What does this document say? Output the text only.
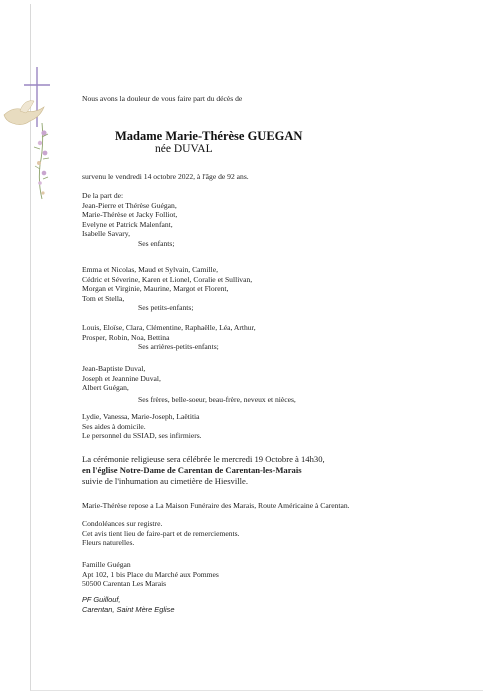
Nous avons la douleur de vous faire part du décès de
Madame Marie-Thérèse GUEGAN
née DUVAL
survenu le vendredi 14 octobre 2022, à l'âge de 92 ans.
De la part de:
Jean-Pierre et Thérèse Guégan,
Marie-Thérèse et Jacky Folliot,
Evelyne et Patrick Malenfant,
Isabelle Savary,
Ses enfants;
Emma et Nicolas, Maud et Sylvain, Camille,
Cédric et Séverine, Karen et Lionel, Coralie et Sullivan,
Morgan et Virginie, Maurine, Margot et Florent,
Tom et Stella,
Ses petits-enfants;
Louis, Eloïse, Clara, Clémentine, Raphaëlle, Léa, Arthur,
Prosper, Robin, Noa, Bettina
Ses arrières-petits-enfants;
Jean-Baptiste Duval,
Joseph et Jeannine Duval,
Albert Guégan,
Ses frères, belle-soeur, beau-frère, neveux et nièces,
Lydie, Vanessa, Marie-Joseph, Laëtitia
Ses aides à domicile.
Le personnel du SSIAD, ses infirmiers.
La cérémonie religieuse sera célébrée le mercredi 19 Octobre à 14h30,
en l'église Notre-Dame de Carentan de Carentan-les-Marais
suivie de l'inhumation au cimetière de Hiesville.
Marie-Thérèse repose a La Maison Funéraire des Marais, Route Américaine à Carentan.
Condoléances sur registre.
Cet avis tient lieu de faire-part et de remerciements.
Fleurs naturelles.
Famille Guégan
Apt 102, 1 bis Place du Marché aux Pommes
50500 Carentan Les Marais
PF Guillouf,
Carentan, Saint Mère Eglise
